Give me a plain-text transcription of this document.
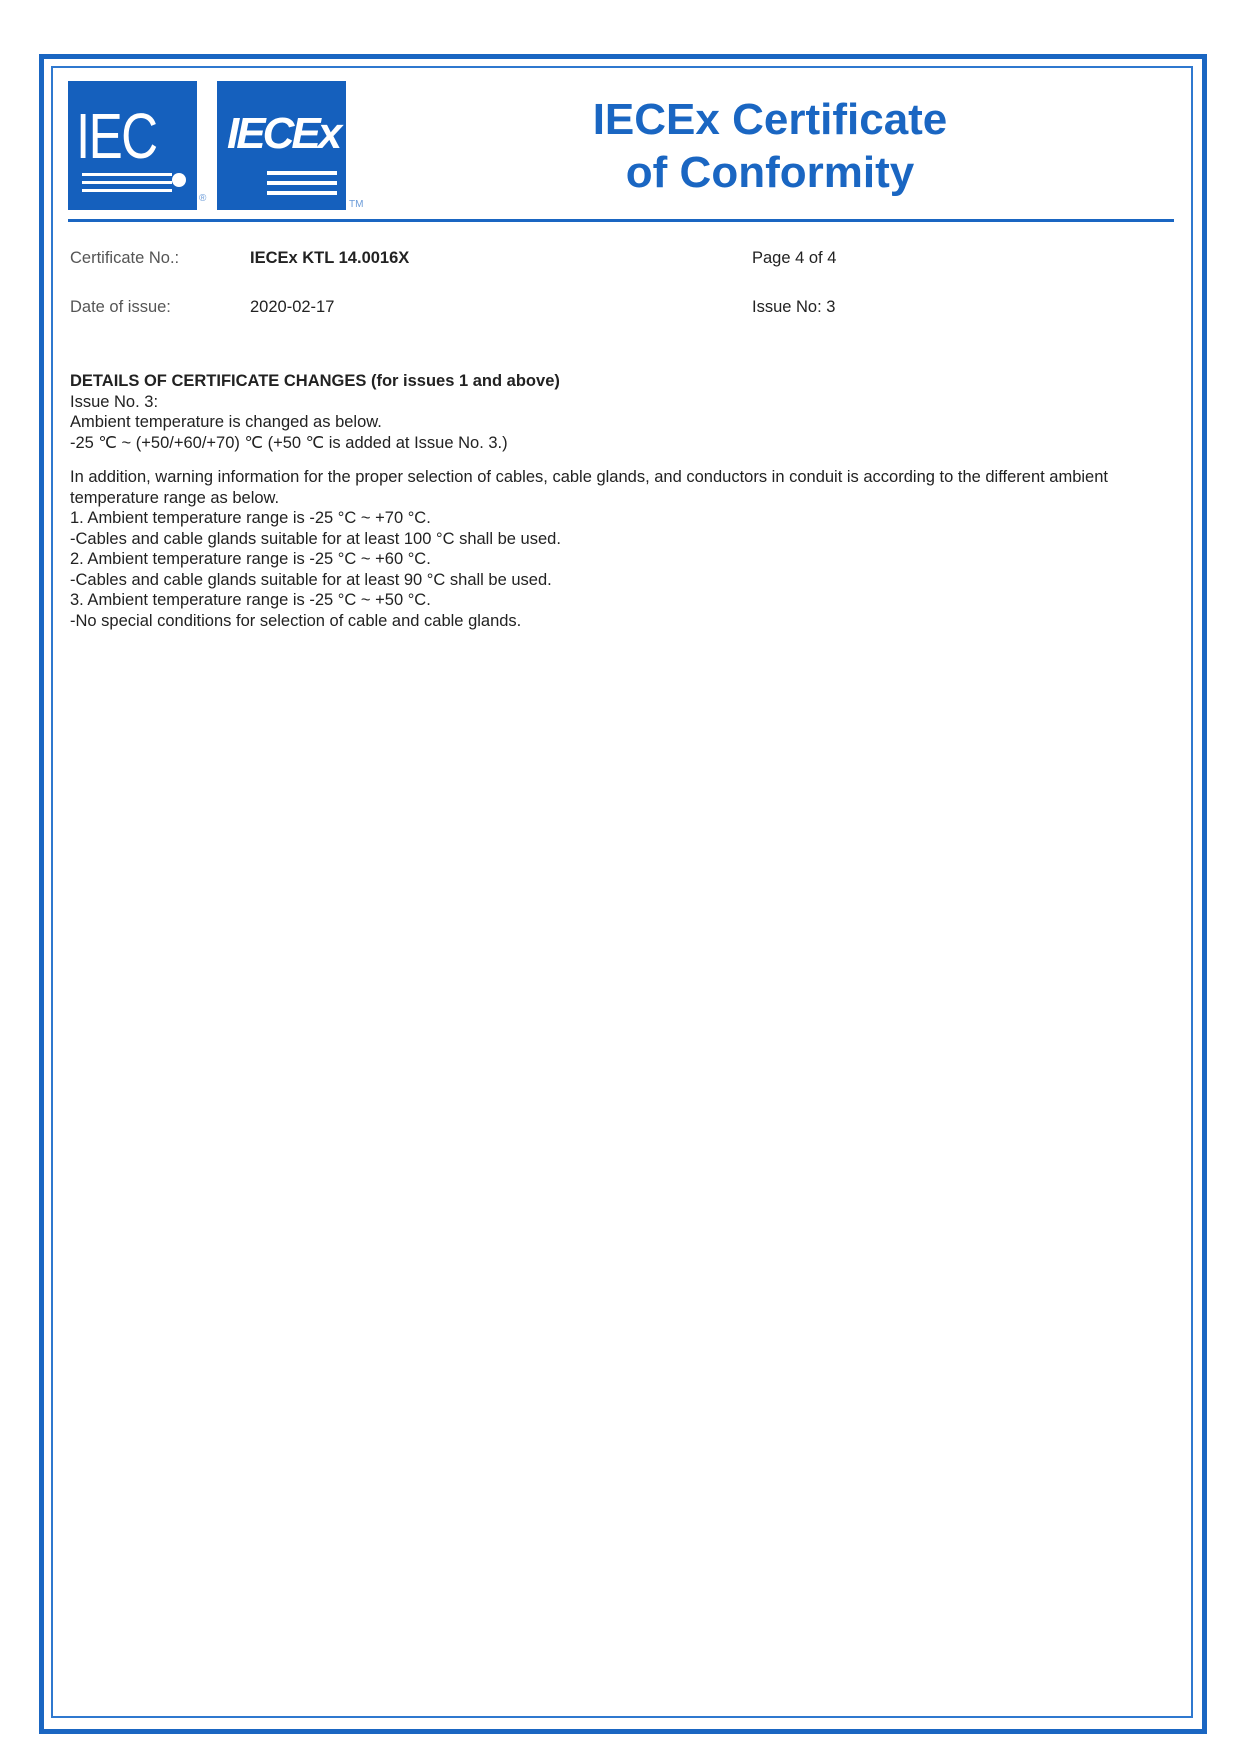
IEC
®
IECEx
TM
IECEx Certificate
of Conformity
Certificate No.:	IECEx KTL 14.0016X	Page 4 of 4
Date of issue:	2020-02-17	Issue No: 3

DETAILS OF CERTIFICATE CHANGES (for issues 1 and above)

Issue No. 3:

Ambient temperature is changed as below.

-25 ℃ ~ (+50/+60/+70) ℃ (+50 ℃ is added at Issue No. 3.)

In addition, warning information for the proper selection of cables, cable glands, and conductors in conduit is according to the different ambient temperature range as below.

1. Ambient temperature range is -25 °C ~ +70 °C.

-Cables and cable glands suitable for at least 100 °C shall be used.

2. Ambient temperature range is -25 °C ~ +60 °C.

-Cables and cable glands suitable for at least 90 °C shall be used.

3. Ambient temperature range is -25 °C ~ +50 °C.

-No special conditions for selection of cable and cable glands.
